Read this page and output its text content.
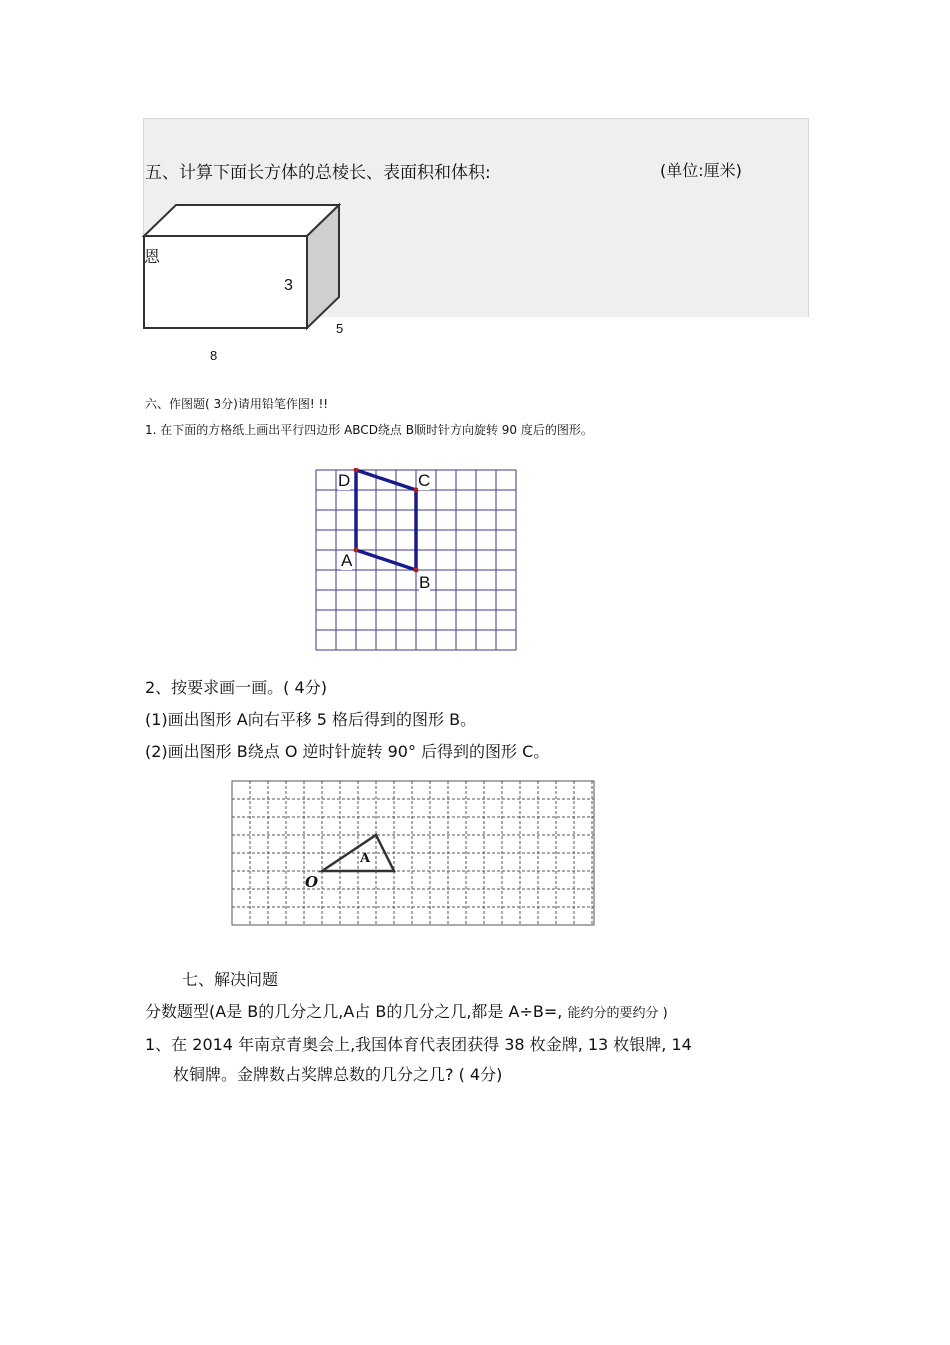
五、计算下面长方体的总棱长、表面积和体积:	(单位:厘米)
恩
3
5
8
六、作图题( 3分)请用铅笔作图! !!
1. 在下面的方格纸上画出平行四边形 ABCD绕点 B顺时针方向旋转 90 度后的图形。
D	C
A
B
2、按要求画一画。( 4分)
(1)画出图形 A向右平移 5 格后得到的图形 B。
(2)画出图形 B绕点 O 逆时针旋转 90° 后得到的图形 C。
A
O
七、解决问题
分数题型(A是 B的几分之几,A占 B的几分之几,都是 A÷B=, 能约分的要约分 )
1、在 2014 年南京青奥会上,我国体育代表团获得 38 枚金牌, 13 枚银牌, 14
枚铜牌。金牌数占奖牌总数的几分之几? ( 4分)
